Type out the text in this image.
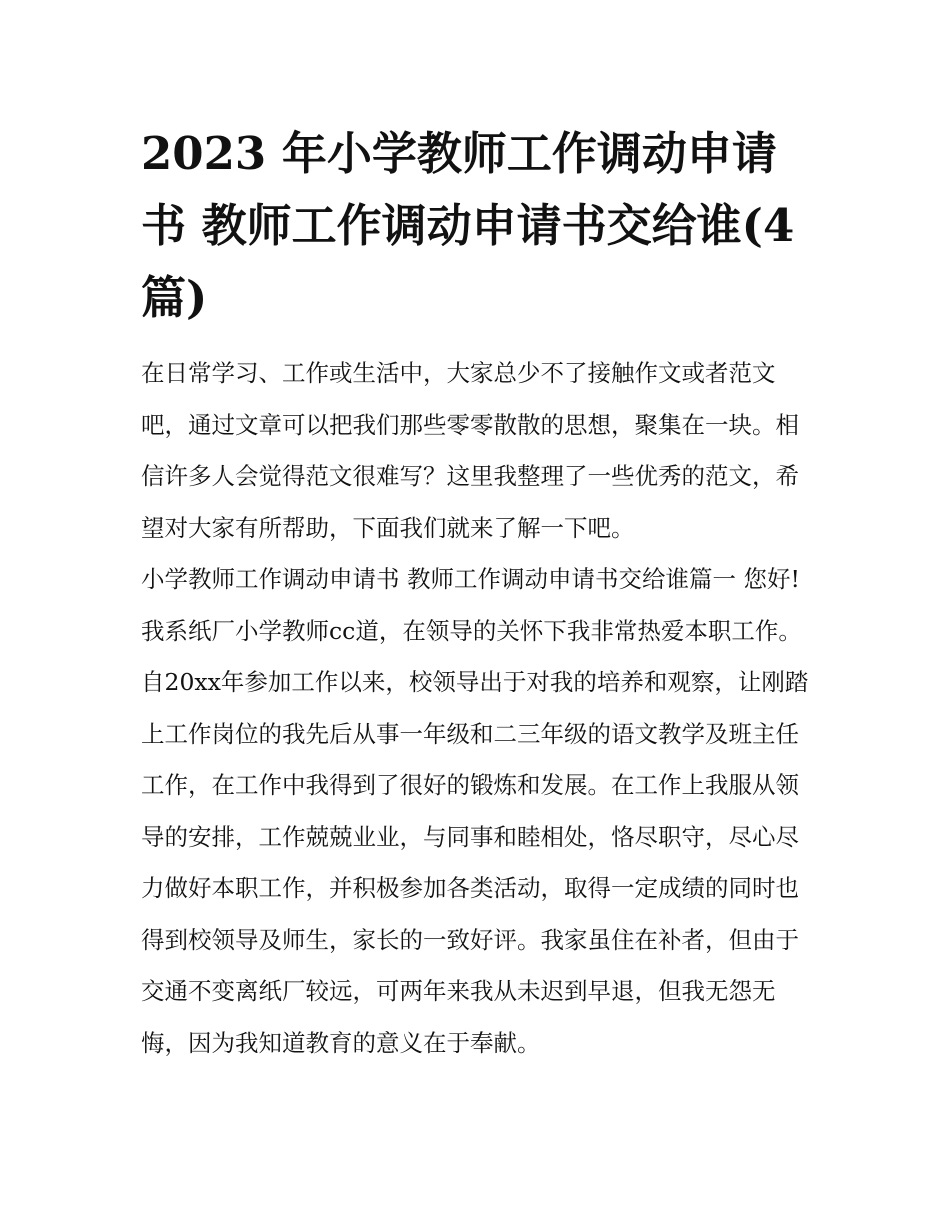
2023 年小学教师工作调动申请书 教师工作调动申请书交给谁(4 篇)

在日常学习、工作或生活中，大家总少不了接触作文或者范文吧，通过文章可以把我们那些零零散散的思想，聚集在一块。相信许多人会觉得范文很难写？这里我整理了一些优秀的范文，希望对大家有所帮助，下面我们就来了解一下吧。

小学教师工作调动申请书 教师工作调动申请书交给谁篇一 您好!

我系纸厂小学教师cc道，在领导的关怀下我非常热爱本职工作。自20xx年参加工作以来，校领导出于对我的培养和观察，让刚踏上工作岗位的我先后从事一年级和二三年级的语文教学及班主任工作，在工作中我得到了很好的锻炼和发展。在工作上我服从领导的安排，工作兢兢业业，与同事和睦相处，恪尽职守，尽心尽力做好本职工作，并积极参加各类活动，取得一定成绩的同时也得到校领导及师生，家长的一致好评。我家虽住在补者，但由于交通不变离纸厂较远，可两年来我从未迟到早退，但我无怨无悔，因为我知道教育的意义在于奉献。
